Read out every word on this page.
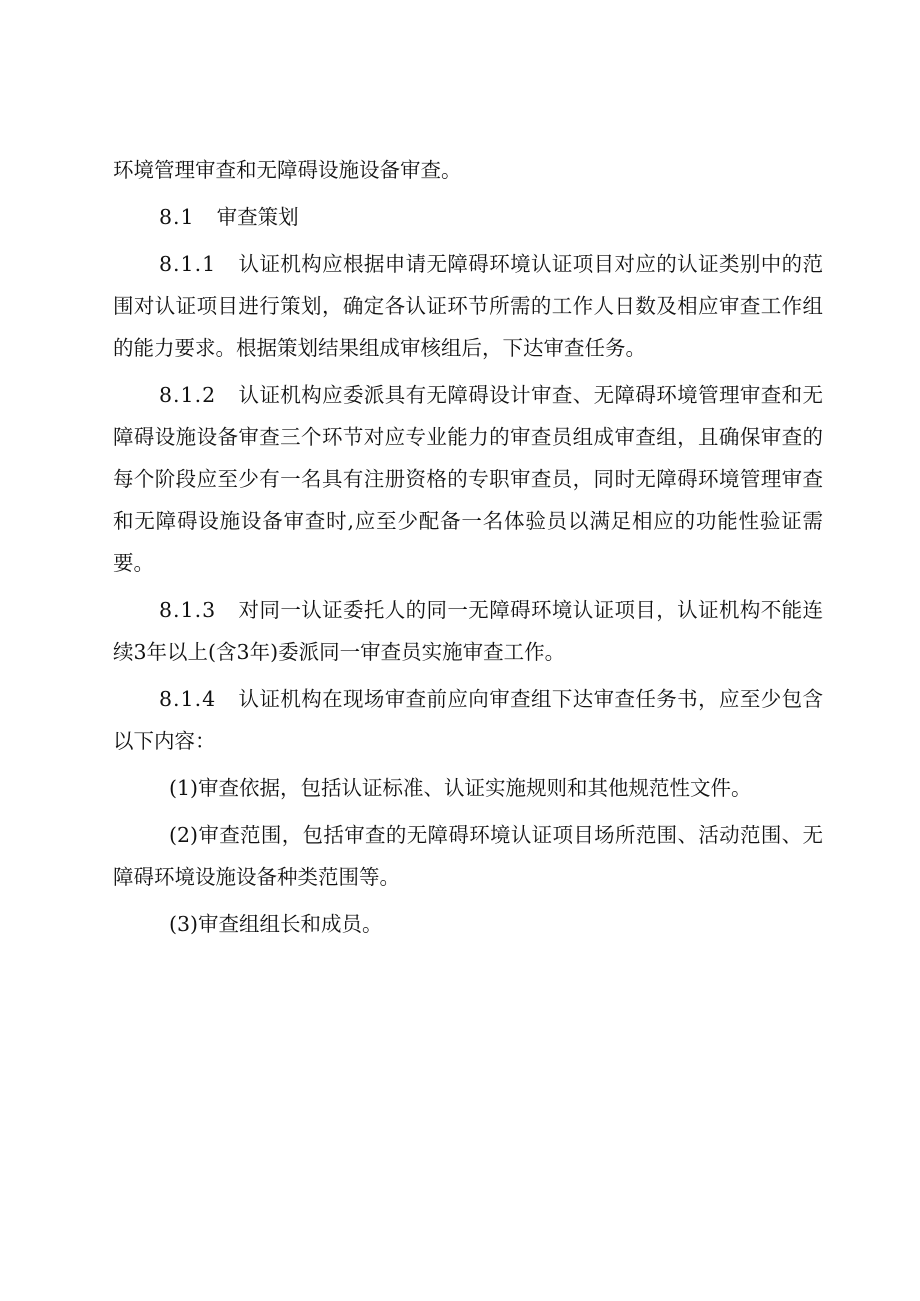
环境管理审查和无障碍设施设备审查。

8.1 审查策划

8.1.1 认证机构应根据申请无障碍环境认证项目对应的认证类别中的范围对认证项目进行策划，确定各认证环节所需的工作人日数及相应审查工作组的能力要求。根据策划结果组成审核组后，下达审查任务。

8.1.2 认证机构应委派具有无障碍设计审查、无障碍环境管理审查和无障碍设施设备审查三个环节对应专业能力的审查员组成审查组，且确保审查的每个阶段应至少有一名具有注册资格的专职审查员，同时无障碍环境管理审查和无障碍设施设备审查时,应至少配备一名体验员以满足相应的功能性验证需要。

8.1.3 对同一认证委托人的同一无障碍环境认证项目，认证机构不能连续3年以上(含3年)委派同一审查员实施审查工作。

8.1.4 认证机构在现场审查前应向审查组下达审查任务书，应至少包含以下内容：

(1)审查依据，包括认证标准、认证实施规则和其他规范性文件。

(2)审查范围，包括审查的无障碍环境认证项目场所范围、活动范围、无障碍环境设施设备种类范围等。

(3)审查组组长和成员。
